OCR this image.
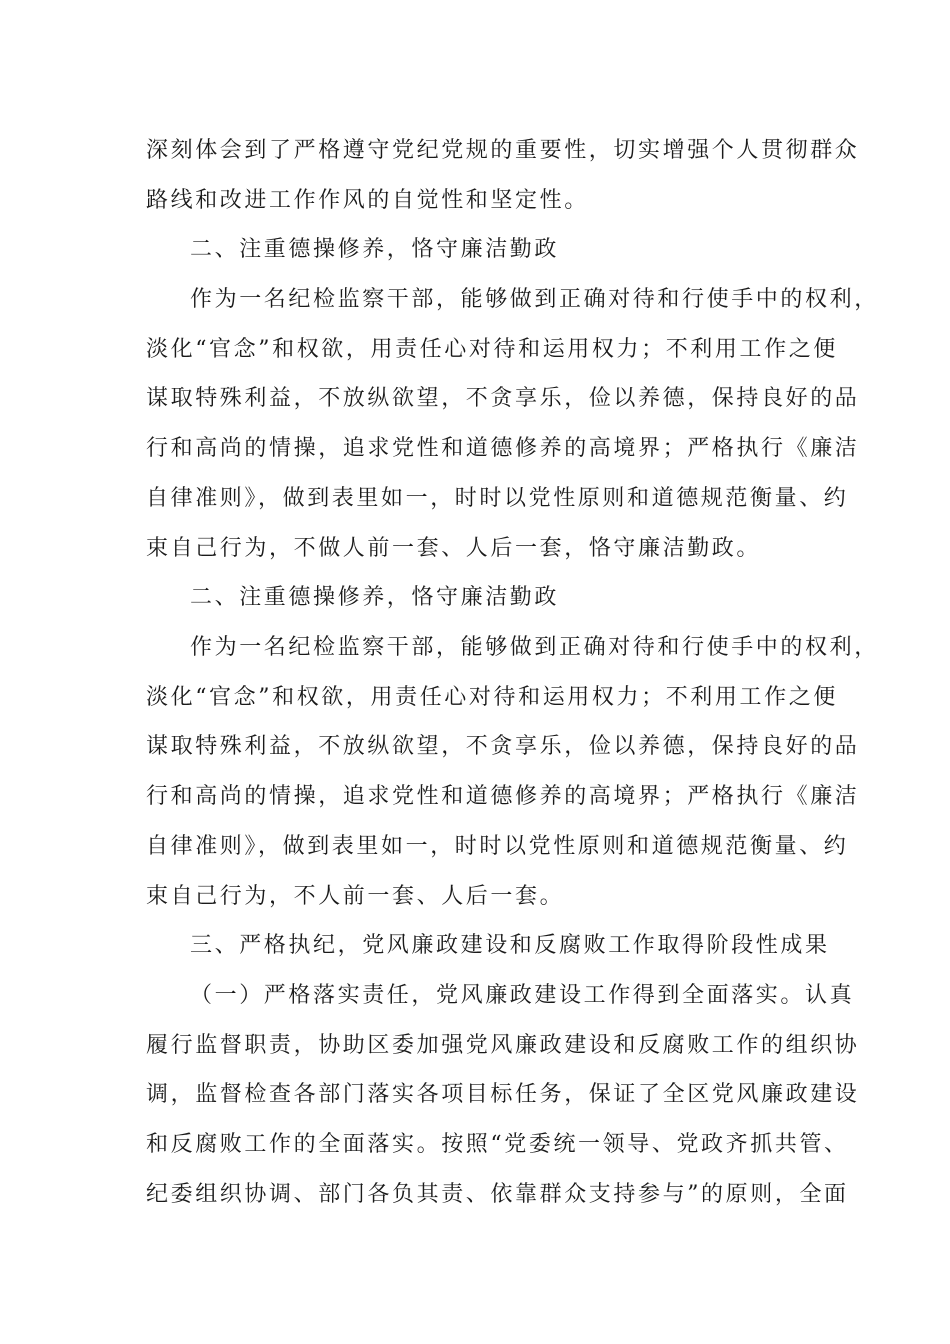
深刻体会到了严格遵守党纪党规的重要性，切实增强个人贯彻群众
路线和改进工作作风的自觉性和坚定性。
二、注重德操修养，恪守廉洁勤政
作为一名纪检监察干部，能够做到正确对待和行使手中的权利，
淡化“官念”和权欲，用责任心对待和运用权力；不利用工作之便
谋取特殊利益，不放纵欲望，不贪享乐，俭以养德，保持良好的品
行和高尚的情操，追求党性和道德修养的高境界；严格执行《廉洁
自律准则》，做到表里如一，时时以党性原则和道德规范衡量、约
束自己行为，不做人前一套、人后一套，恪守廉洁勤政。
二、注重德操修养，恪守廉洁勤政
作为一名纪检监察干部，能够做到正确对待和行使手中的权利，
淡化“官念”和权欲，用责任心对待和运用权力；不利用工作之便
谋取特殊利益，不放纵欲望，不贪享乐，俭以养德，保持良好的品
行和高尚的情操，追求党性和道德修养的高境界；严格执行《廉洁
自律准则》，做到表里如一，时时以党性原则和道德规范衡量、约
束自己行为，不人前一套、人后一套。
三、严格执纪，党风廉政建设和反腐败工作取得阶段性成果
（一）严格落实责任，党风廉政建设工作得到全面落实。认真
履行监督职责，协助区委加强党风廉政建设和反腐败工作的组织协
调，监督检查各部门落实各项目标任务，保证了全区党风廉政建设
和反腐败工作的全面落实。按照“党委统一领导、党政齐抓共管、
纪委组织协调、部门各负其责、依靠群众支持参与”的原则，全面
